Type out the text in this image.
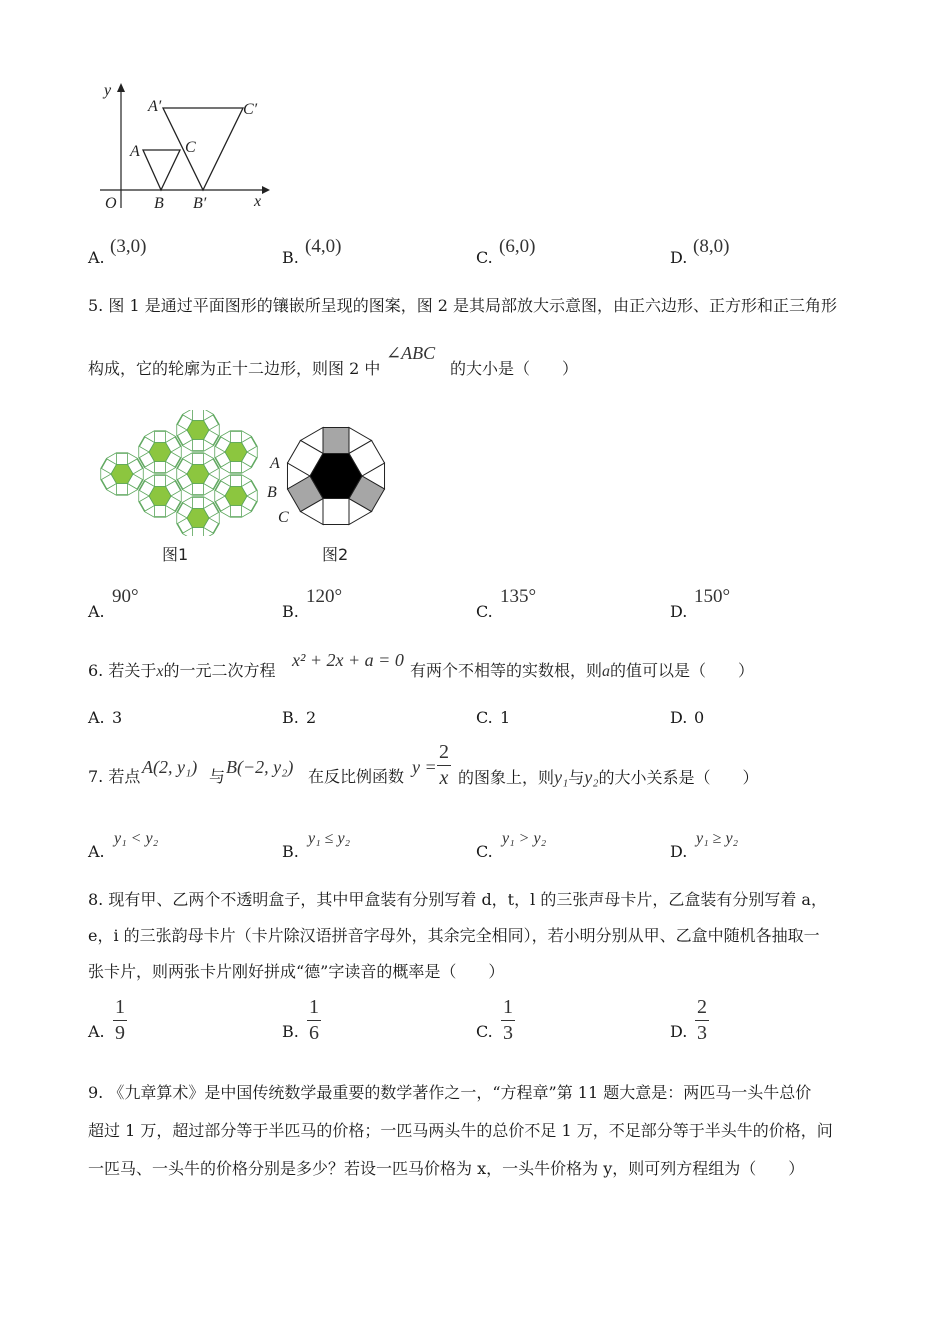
y
x
O
A
B
C
A′
B′
C′
A.
(3,0)
B.
(4,0)
C.
(6,0)
D.
(8,0)
5. 图 1 是通过平面图形的镶嵌所呈现的图案，图 2 是其局部放大示意图，由正六边形、正方形和正三角形
构成，它的轮廓为正十二边形，则图 2 中
∠ABC
的大小是（　　）
图1
A
B
C
图2
A.
90°
B.
120°
C.
135°
D.
150°
6. 若关于x的一元二次方程
x² + 2x + a = 0
有两个不相等的实数根，则a的值可以是（　　）
A. 3	B. 2	C. 1	D. 0
7. 若点 A(2, y₁) 与 B(−2, y₂) 在反比例函数 y =
2
x 的图象上，则y₁与y₂的大小关系是（　　）
A.
y₁ < y₂
B.
y₁ ≤ y₂
C.
y₁ > y₂
D.
y₁ ≥ y₂
8. 现有甲、乙两个不透明盒子，其中甲盒装有分别写着 d，t，l 的三张声母卡片，乙盒装有分别写着 a，
e，i 的三张韵母卡片（卡片除汉语拼音字母外，其余完全相同），若小明分别从甲、乙盒中随机各抽取一
张卡片，则两张卡片刚好拼成“德”字读音的概率是（　　）
A.
1
9	B.
1
6	C.
1
3	D.
2
3
9. 《九章算术》是中国传统数学最重要的数学著作之一，“方程章”第 11 题大意是：两匹马一头牛总价
超过 1 万，超过部分等于半匹马的价格；一匹马两头牛的总价不足 1 万，不足部分等于半头牛的价格，问
一匹马、一头牛的价格分别是多少？若设一匹马价格为 x，一头牛价格为 y，则可列方程组为（　　）
